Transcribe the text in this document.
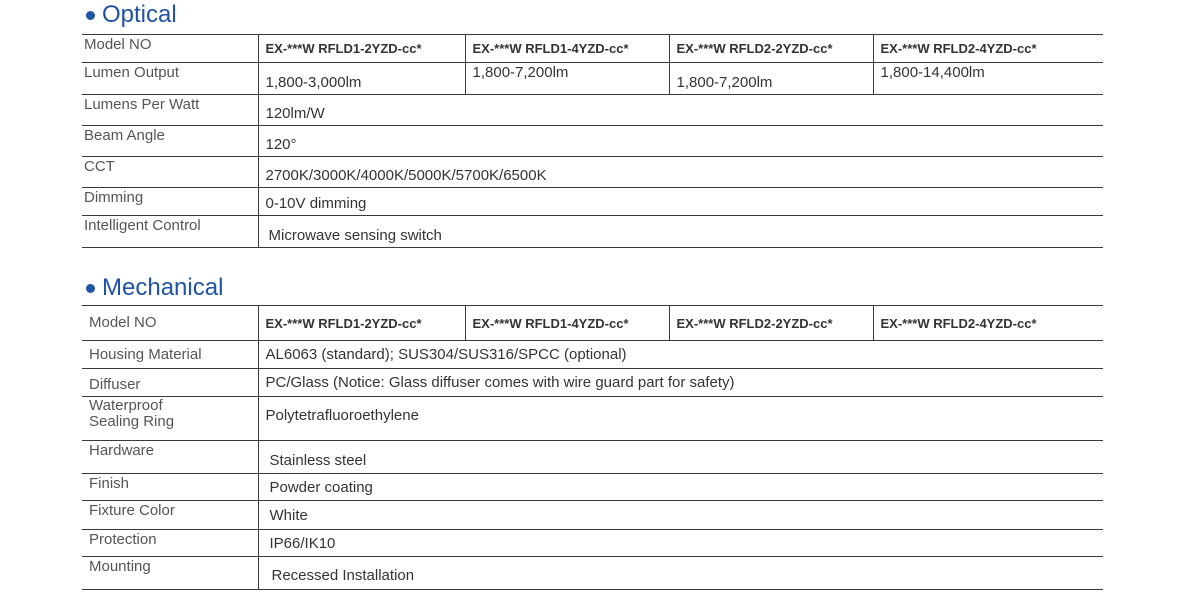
Optical
Model NO	EX-***W RFLD1-2YZD-cc*	EX-***W RFLD1-4YZD-cc*	EX-***W RFLD2-2YZD-cc*	EX-***W RFLD2-4YZD-cc*
Lumen Output	1,800-3,000lm	1,800-7,200lm	1,800-7,200lm	1,800-14,400lm
Lumens Per Watt	120lm/W			
Beam Angle	120°			
CCT	2700K/3000K/4000K/5000K/5700K/6500K			
Dimming	0-10V dimming			
Intelligent Control	Microwave sensing switch			
Mechanical
Model NO	EX-***W RFLD1-2YZD-cc*	EX-***W RFLD1-4YZD-cc*	EX-***W RFLD2-2YZD-cc*	EX-***W RFLD2-4YZD-cc*
Housing Material	AL6063 (standard); SUS304/SUS316/SPCC (optional)			
Diffuser	PC/Glass (Notice: Glass diffuser comes with wire guard part for safety)			
Waterproof Sealing Ring	Polytetrafluoroethylene			
Hardware	Stainless steel			
Finish	Powder coating			
Fixture Color	White			
Protection	IP66/IK10			
Mounting	Recessed Installation			
